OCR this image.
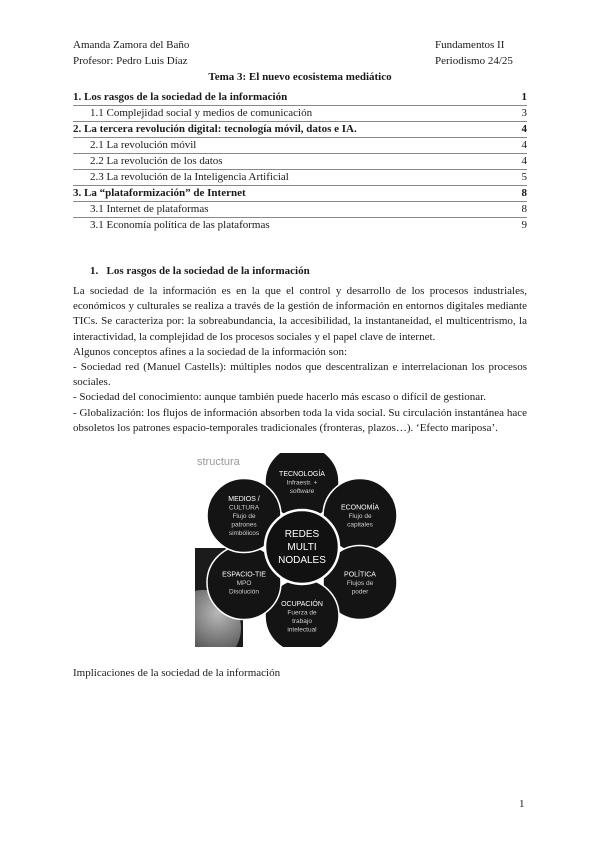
Amanda Zamora del Baño
Profesor: Pedro Luis Díaz
Fundamentos II
Periodismo 24/25
Tema 3: El nuevo ecosistema mediático
1. Los rasgos de la sociedad de la información	1
1.1 Complejidad social y medios de comunicación	3
2. La tercera revolución digital: tecnología móvil, datos e IA.	4
2.1 La revolución móvil	4
2.2 La revolución de los datos	4
2.3 La revolución de la Inteligencia Artificial	5
3. La “plataformización” de Internet	8
3.1 Internet de plataformas	8
3.1 Economía política de las plataformas	9
1. Los rasgos de la sociedad de la información

La sociedad de la información es en la que el control y desarrollo de los procesos industriales, económicos y culturales se realiza a través de la gestión de información en entornos digitales mediante TICs. Se caracteriza por: la sobreabundancia, la accesibilidad, la instantaneidad, el multicentrismo, la interactividad, la complejidad de los procesos sociales y el papel clave de internet.

Algunos conceptos afines a la sociedad de la información son:

- Sociedad red (Manuel Castells): múltiples nodos que descentralizan e interrelacionan los procesos sociales.

- Sociedad del conocimiento: aunque también puede hacerlo más escaso o difícil de gestionar.

- Globalización: los flujos de información absorben toda la vida social. Su circulación instantánea hace obsoletos los patrones espacio-temporales tradicionales (fronteras, plazos…). ‘Efecto mariposa’.

structura
TECNOLOGÍA
Infraestr. +
software
ECONOMÍA
Flujo de
capitales
POLÍTICA
Flujos de
poder
OCUPACIÓN
Fuerza de
trabajo
intelectual
ESPACIO-TIE
MPO
Disolución
MEDIOS /
CULTURA
Flujo de
patrones
simbólicos	REDES
MULTI
NODALES
Implicaciones de la sociedad de la información
1
